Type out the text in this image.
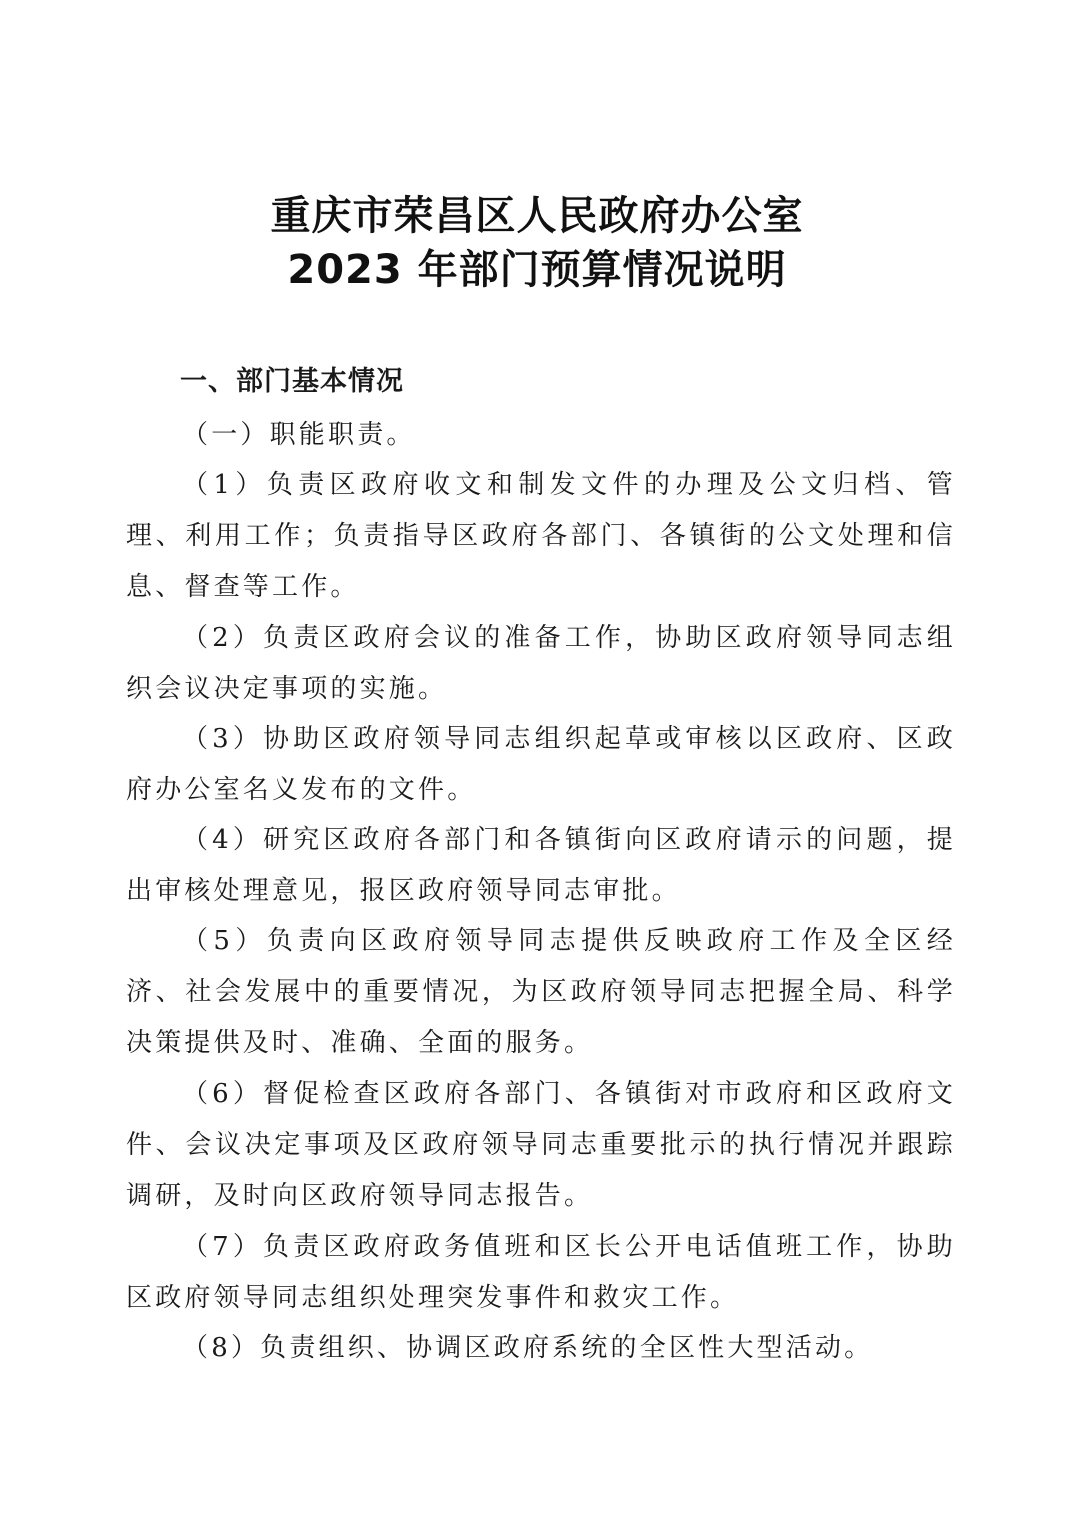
重庆市荣昌区人民政府办公室
2023 年部门预算情况说明
一、部门基本情况

（一）职能职责。

（1）负责区政府收文和制发文件的办理及公文归档、管理、利用工作；负责指导区政府各部门、各镇街的公文处理和信息、督查等工作。

（2）负责区政府会议的准备工作，协助区政府领导同志组织会议决定事项的实施。

（3）协助区政府领导同志组织起草或审核以区政府、区政府办公室名义发布的文件。

（4）研究区政府各部门和各镇街向区政府请示的问题，提出审核处理意见，报区政府领导同志审批。

（5）负责向区政府领导同志提供反映政府工作及全区经济、社会发展中的重要情况，为区政府领导同志把握全局、科学决策提供及时、准确、全面的服务。

（6）督促检查区政府各部门、各镇街对市政府和区政府文件、会议决定事项及区政府领导同志重要批示的执行情况并跟踪调研，及时向区政府领导同志报告。

（7）负责区政府政务值班和区长公开电话值班工作，协助区政府领导同志组织处理突发事件和救灾工作。

（8）负责组织、协调区政府系统的全区性大型活动。
